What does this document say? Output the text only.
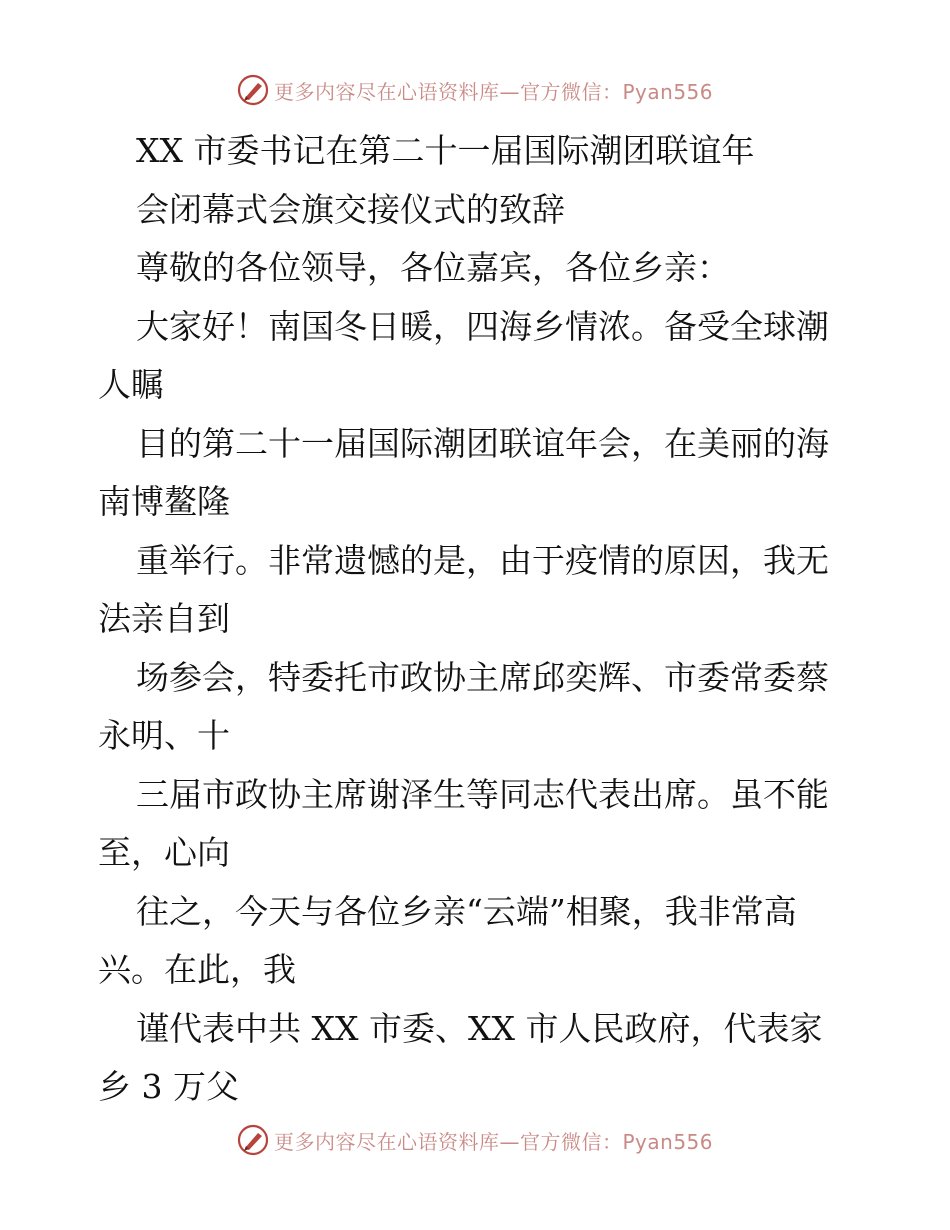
更多内容尽在心语资料库—官方微信：Pyan556
XX 市委书记在第二十一届国际潮团联谊年
会闭幕式会旗交接仪式的致辞
尊敬的各位领导，各位嘉宾，各位乡亲：
大家好！南国冬日暖，四海乡情浓。备受全球潮
人瞩
目的第二十一届国际潮团联谊年会，在美丽的海
南博鳌隆
重举行。非常遗憾的是，由于疫情的原因，我无
法亲自到
场参会，特委托市政协主席邱奕辉、市委常委蔡
永明、十
三届市政协主席谢泽生等同志代表出席。虽不能
至，心向
往之，今天与各位乡亲“云端”相聚，我非常高
兴。在此，我
谨代表中共 XX 市委、XX 市人民政府，代表家
乡 3 万父
更多内容尽在心语资料库—官方微信：Pyan556
